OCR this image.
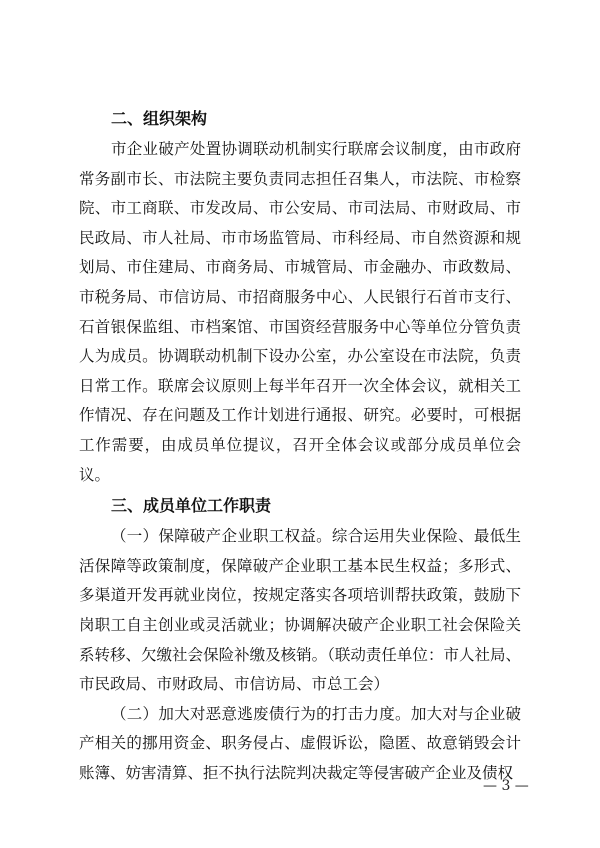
二、组织架构

市企业破产处置协调联动机制实行联席会议制度，由市政府常务副市长、市法院主要负责同志担任召集人，市法院、市检察院、市工商联、市发改局、市公安局、市司法局、市财政局、市民政局、市人社局、市市场监管局、市科经局、市自然资源和规划局、市住建局、市商务局、市城管局、市金融办、市政数局、市税务局、市信访局、市招商服务中心、人民银行石首市支行、石首银保监组、市档案馆、市国资经营服务中心等单位分管负责人为成员。协调联动机制下设办公室，办公室设在市法院，负责日常工作。联席会议原则上每半年召开一次全体会议，就相关工作情况、存在问题及工作计划进行通报、研究。必要时，可根据工作需要，由成员单位提议，召开全体会议或部分成员单位会议。

三、成员单位工作职责

（一）保障破产企业职工权益。综合运用失业保险、最低生活保障等政策制度，保障破产企业职工基本民生权益；多形式、多渠道开发再就业岗位，按规定落实各项培训帮扶政策，鼓励下岗职工自主创业或灵活就业；协调解决破产企业职工社会保险关系转移、欠缴社会保险补缴及核销。（联动责任单位：市人社局、市民政局、市财政局、市信访局、市总工会）

（二）加大对恶意逃废债行为的打击力度。加大对与企业破产相关的挪用资金、职务侵占、虚假诉讼，隐匿、故意销毁会计账簿、妨害清算、拒不执行法院判决裁定等侵害破产企业及债权

— 3 —
